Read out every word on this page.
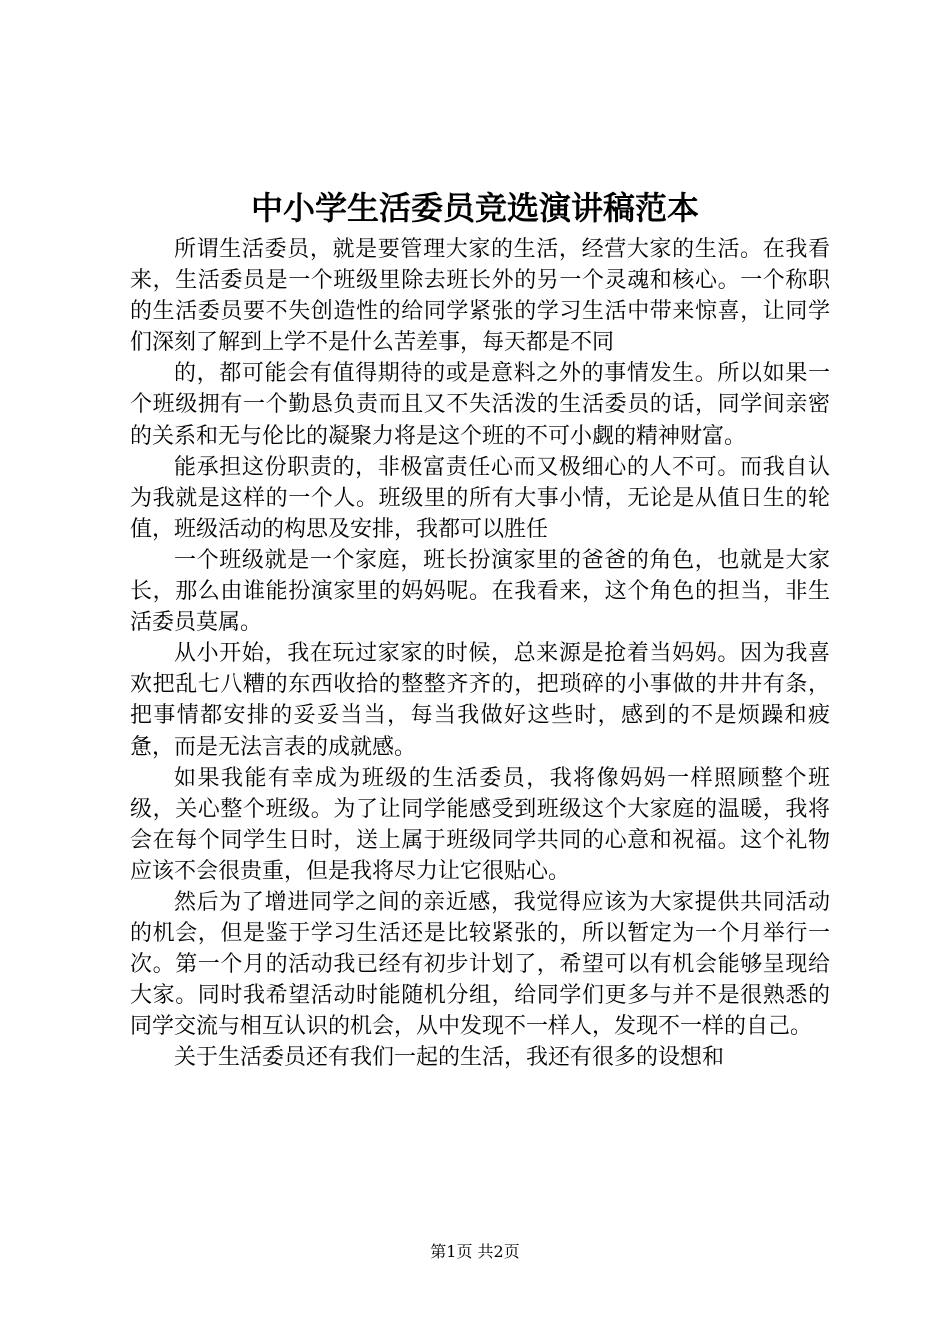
中小学生活委员竞选演讲稿范本

所谓生活委员，就是要管理大家的生活，经营大家的生活。在我看来，生活委员是一个班级里除去班长外的另一个灵魂和核心。一个称职的生活委员要不失创造性的给同学紧张的学习生活中带来惊喜，让同学们深刻了解到上学不是什么苦差事，每天都是不同

的，都可能会有值得期待的或是意料之外的事情发生。所以如果一个班级拥有一个勤恳负责而且又不失活泼的生活委员的话，同学间亲密的关系和无与伦比的凝聚力将是这个班的不可小觑的精神财富。

能承担这份职责的，非极富责任心而又极细心的人不可。而我自认为我就是这样的一个人。班级里的所有大事小情，无论是从值日生的轮值，班级活动的构思及安排，我都可以胜任

一个班级就是一个家庭，班长扮演家里的爸爸的角色，也就是大家长，那么由谁能扮演家里的妈妈呢。在我看来，这个角色的担当，非生活委员莫属。

从小开始，我在玩过家家的时候，总来源是抢着当妈妈。因为我喜欢把乱七八糟的东西收拾的整整齐齐的，把琐碎的小事做的井井有条，把事情都安排的妥妥当当，每当我做好这些时，感到的不是烦躁和疲惫，而是无法言表的成就感。

如果我能有幸成为班级的生活委员，我将像妈妈一样照顾整个班级，关心整个班级。为了让同学能感受到班级这个大家庭的温暖，我将会在每个同学生日时，送上属于班级同学共同的心意和祝福。这个礼物应该不会很贵重，但是我将尽力让它很贴心。

然后为了增进同学之间的亲近感，我觉得应该为大家提供共同活动的机会，但是鉴于学习生活还是比较紧张的，所以暂定为一个月举行一次。第一个月的活动我已经有初步计划了，希望可以有机会能够呈现给大家。同时我希望活动时能随机分组，给同学们更多与并不是很熟悉的同学交流与相互认识的机会，从中发现不一样人，发现不一样的自己。

关于生活委员还有我们一起的生活，我还有很多的设想和

第1页 共2页
